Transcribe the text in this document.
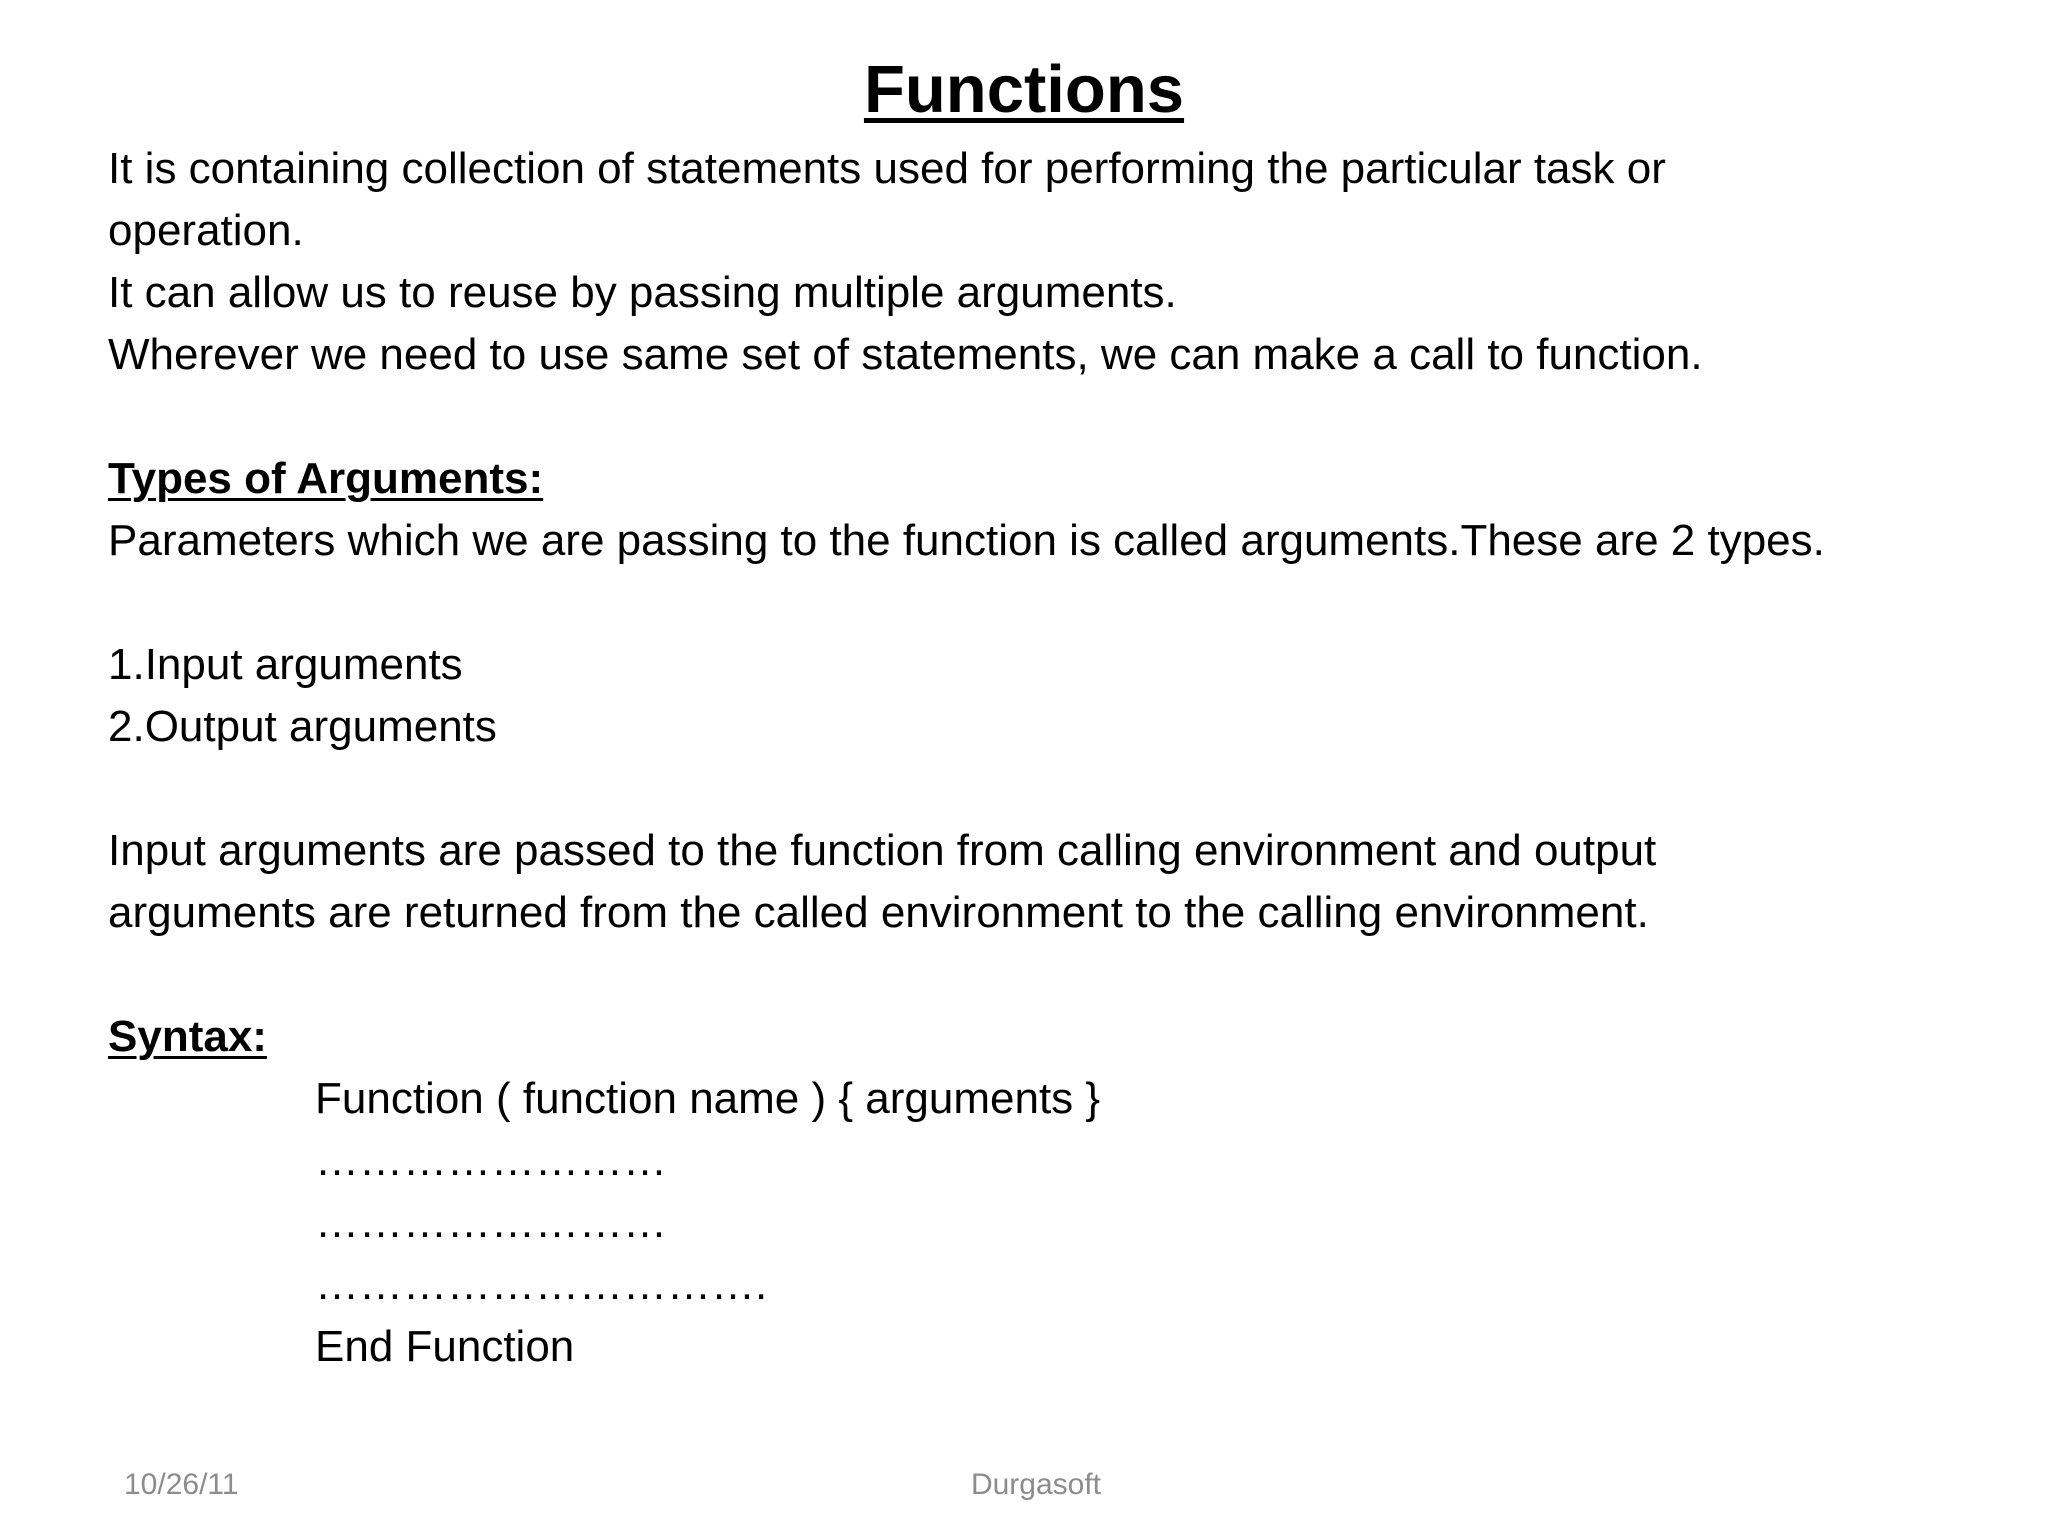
Functions
It is containing collection of statements used for performing the particular task or
operation.
It can allow us to reuse by passing multiple arguments.
Wherever we need to use same set of statements, we can make a call to function.
Types of Arguments:
Parameters which we are passing to the function is called arguments.These are 2 types.
1.Input arguments
2.Output arguments
Input arguments are passed to the function from calling environment and output
arguments are returned from the called environment to the calling environment.
Syntax:
Function ( function name ) { arguments }
……………………
……………………
………………………….
End Function
10/26/11	Durgasoft
